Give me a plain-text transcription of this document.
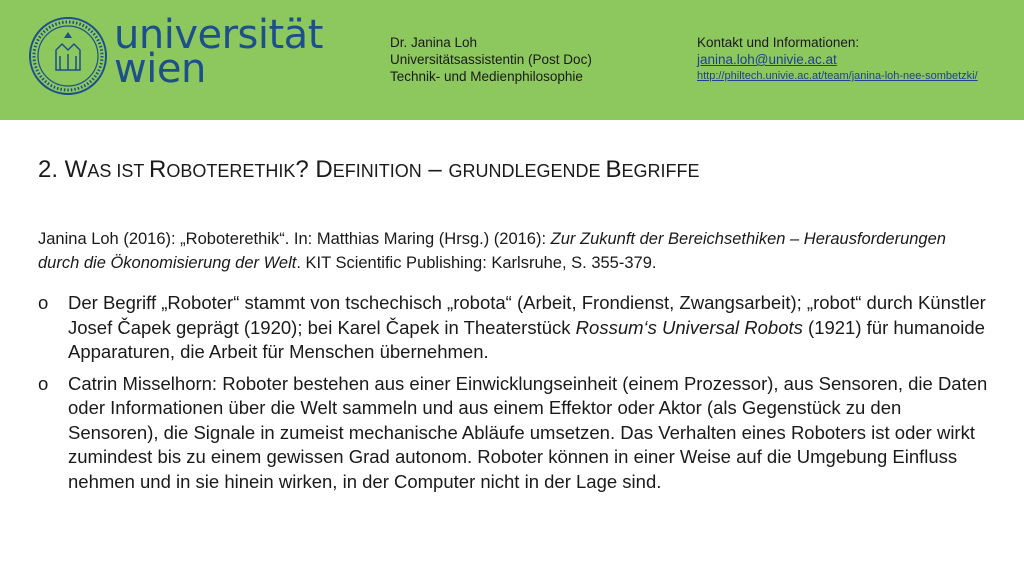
universität
wien
Dr. Janina Loh
Universitätsassistentin (Post Doc)
Technik- und Medienphilosophie
Kontakt und Informationen:
janina.loh@univie.ac.at
http://philtech.univie.ac.at/team/janina-loh-nee-sombetzki/
2. WAS IST ROBOTERETHIK? DEFINITION – GRUNDLEGENDE BEGRIFFE
Janina Loh (2016): „Roboterethik“. In: Matthias Maring (Hrsg.) (2016): Zur Zukunft der Bereichsethiken – Herausforderungen durch die Ökonomisierung der Welt. KIT Scientific Publishing: Karlsruhe, S. 355-379.
o Der Begriff „Roboter“ stammt von tschechisch „robota“ (Arbeit, Frondienst, Zwangsarbeit); „robot“ durch Künstler Josef Čapek geprägt (1920); bei Karel Čapek in Theaterstück Rossum‘s Universal Robots (1921) für humanoide Apparaturen, die Arbeit für Menschen übernehmen.
o Catrin Misselhorn: Roboter bestehen aus einer Einwicklungseinheit (einem Prozessor), aus Sensoren, die Daten oder Informationen über die Welt sammeln und aus einem Effektor oder Aktor (als Gegenstück zu den Sensoren), die Signale in zumeist mechanische Abläufe umsetzen. Das Verhalten eines Roboters ist oder wirkt zumindest bis zu einem gewissen Grad autonom. Roboter können in einer Weise auf die Umgebung Einfluss nehmen und in sie hinein wirken, in der Computer nicht in der Lage sind.
